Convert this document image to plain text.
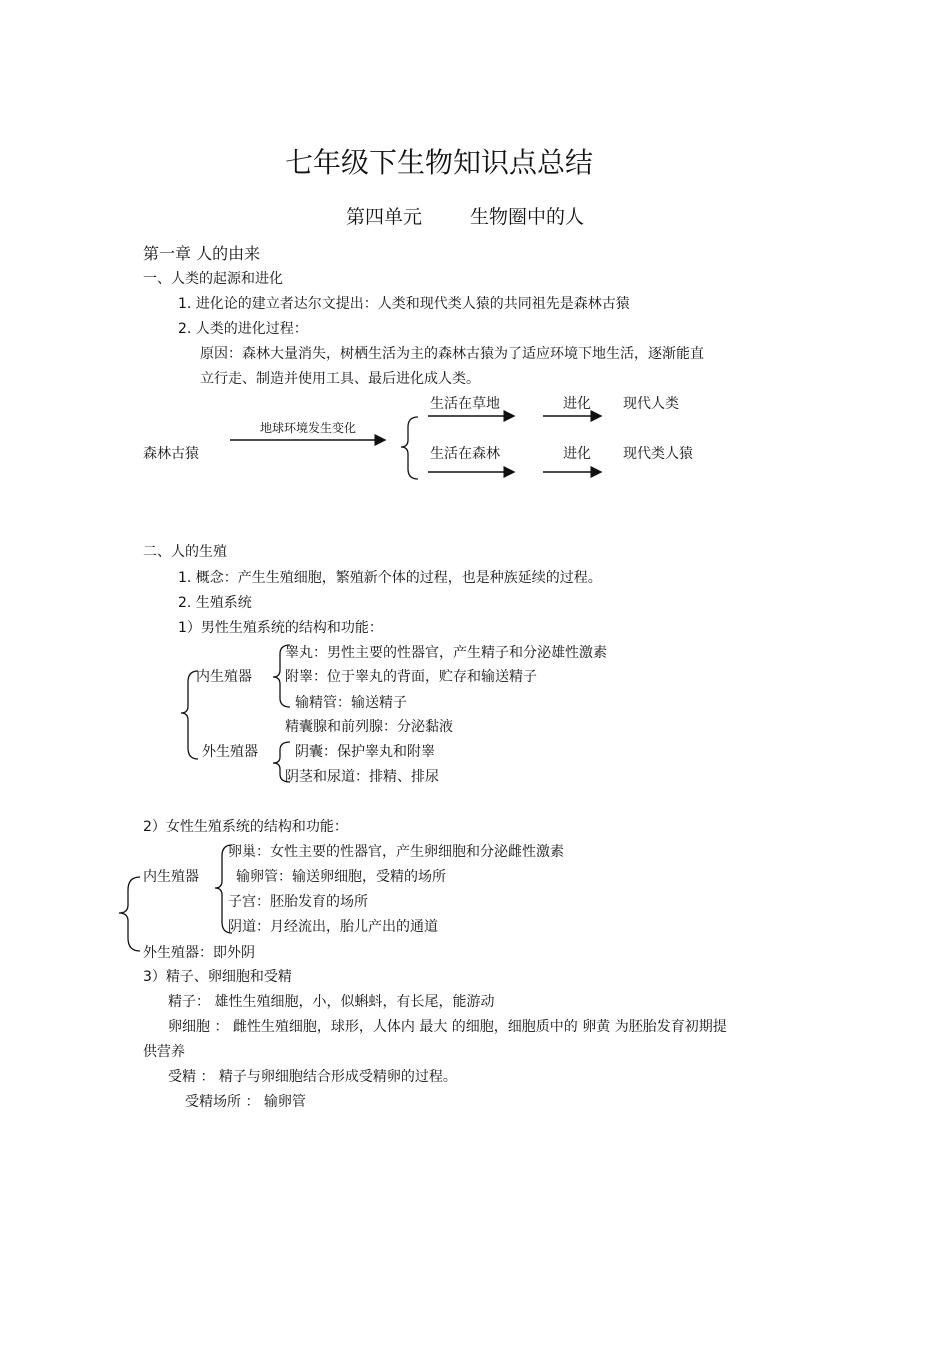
七年级下生物知识点总结
第四单元	生物圈中的人
第一章 人的由来
一、人类的起源和进化
1. 进化论的建立者达尔文提出：人类和现代类人猿的共同祖先是森林古猿
2. 人类的进化过程：
原因：森林大量消失，树栖生活为主的森林古猿为了适应环境下地生活，逐渐能直
立行走、制造并使用工具、最后进化成人类。
森林古猿
地球环境发生变化
生活在草地	进化 现代人类
生活在森林	进化 现代类人猿
二、人的生殖
1. 概念：产生生殖细胞，繁殖新个体的过程，也是种族延续的过程。
2. 生殖系统
1）男性生殖系统的结构和功能：
内生殖器
外生殖器
睾丸：男性主要的性器官，产生精子和分泌雄性激素
附睾：位于睾丸的背面，贮存和输送精子
输精管：输送精子
精囊腺和前列腺：分泌黏液
阴囊：保护睾丸和附睾
阴茎和尿道：排精、排尿
2）女性生殖系统的结构和功能：
内生殖器
卵巢：女性主要的性器官，产生卵细胞和分泌雌性激素
输卵管：输送卵细胞，受精的场所
子宫：胚胎发育的场所
阴道：月经流出，胎儿产出的通道
外生殖器：即外阴
3）精子、卵细胞和受精
精子： 雄性生殖细胞，小，似蝌蚪，有长尾，能游动
卵细胞 ： 雌性生殖细胞，球形，人体内 最大 的细胞，细胞质中的 卵黄 为胚胎发育初期提
供营养
受精 ： 精子与卵细胞结合形成受精卵的过程。
受精场所 ： 输卵管
